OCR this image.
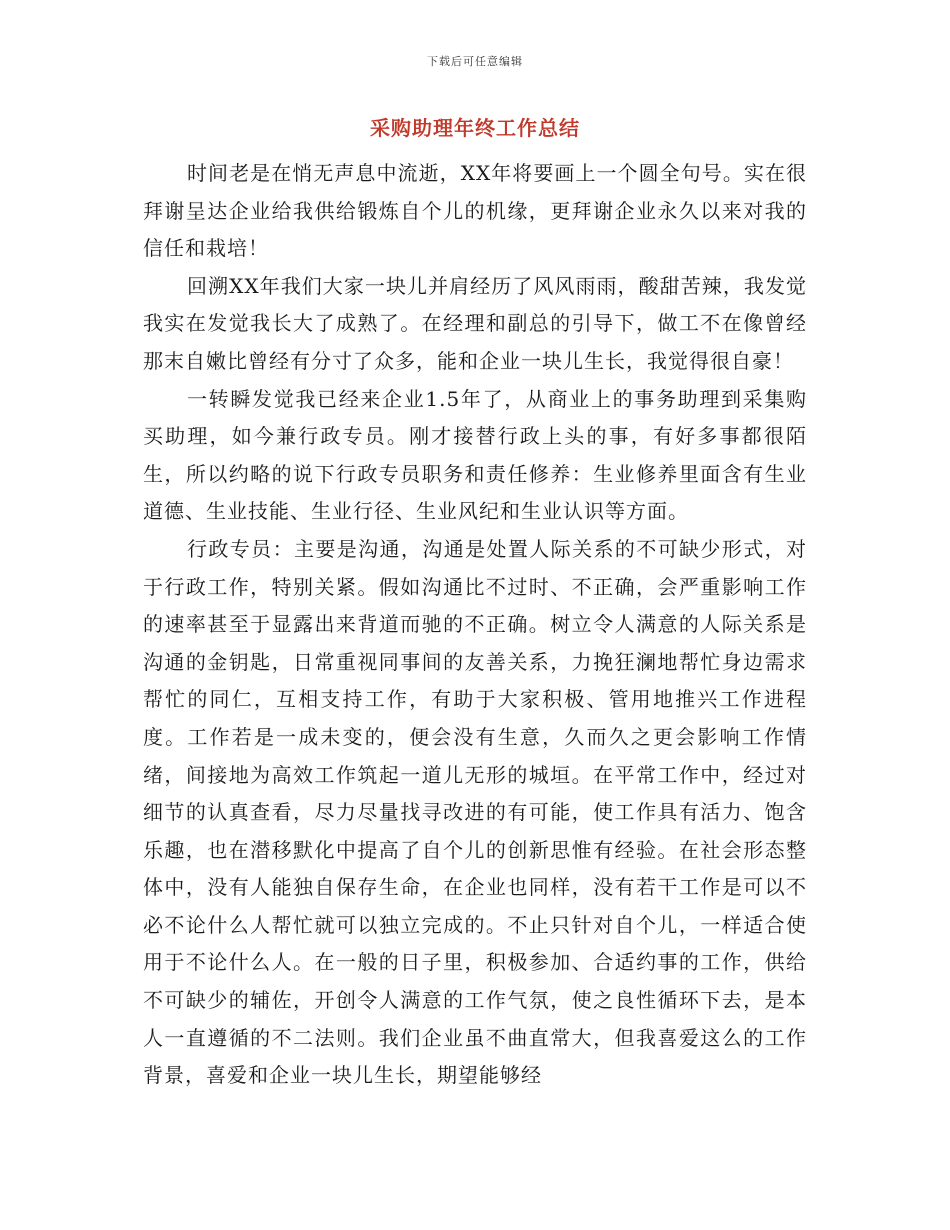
下载后可任意编辑
采购助理年终工作总结

时间老是在悄无声息中流逝，XX年将要画上一个圆全句号。实在很拜谢呈达企业给我供给锻炼自个儿的机缘，更拜谢企业永久以来对我的信任和栽培！

回溯XX年我们大家一块儿并肩经历了风风雨雨，酸甜苦辣，我发觉我实在发觉我长大了成熟了。在经理和副总的引导下，做工不在像曾经那末自嫩比曾经有分寸了众多，能和企业一块儿生长，我觉得很自豪！

一转瞬发觉我已经来企业1.5年了，从商业上的事务助理到采集购买助理，如今兼行政专员。刚才接替行政上头的事，有好多事都很陌生，所以约略的说下行政专员职务和责任修养：生业修养里面含有生业道德、生业技能、生业行径、生业风纪和生业认识等方面。

行政专员：主要是沟通，沟通是处置人际关系的不可缺少形式，对于行政工作，特别关紧。假如沟通比不过时、不正确，会严重影响工作的速率甚至于显露出来背道而驰的不正确。树立令人满意的人际关系是沟通的金钥匙，日常重视同事间的友善关系，力挽狂澜地帮忙身边需求帮忙的同仁，互相支持工作，有助于大家积极、管用地推兴工作进程度。工作若是一成未变的，便会没有生意，久而久之更会影响工作情绪，间接地为高效工作筑起一道儿无形的城垣。在平常工作中，经过对细节的认真查看，尽力尽量找寻改进的有可能，使工作具有活力、饱含乐趣，也在潜移默化中提高了自个儿的创新思惟有经验。在社会形态整体中，没有人能独自保存生命，在企业也同样，没有若干工作是可以不必不论什么人帮忙就可以独立完成的。不止只针对自个儿，一样适合使用于不论什么人。在一般的日子里，积极参加、合适约事的工作，供给不可缺少的辅佐，开创令人满意的工作气氛，使之良性循环下去，是本人一直遵循的不二法则。我们企业虽不曲直常大，但我喜爱这么的工作背景，喜爱和企业一块儿生长，期望能够经
